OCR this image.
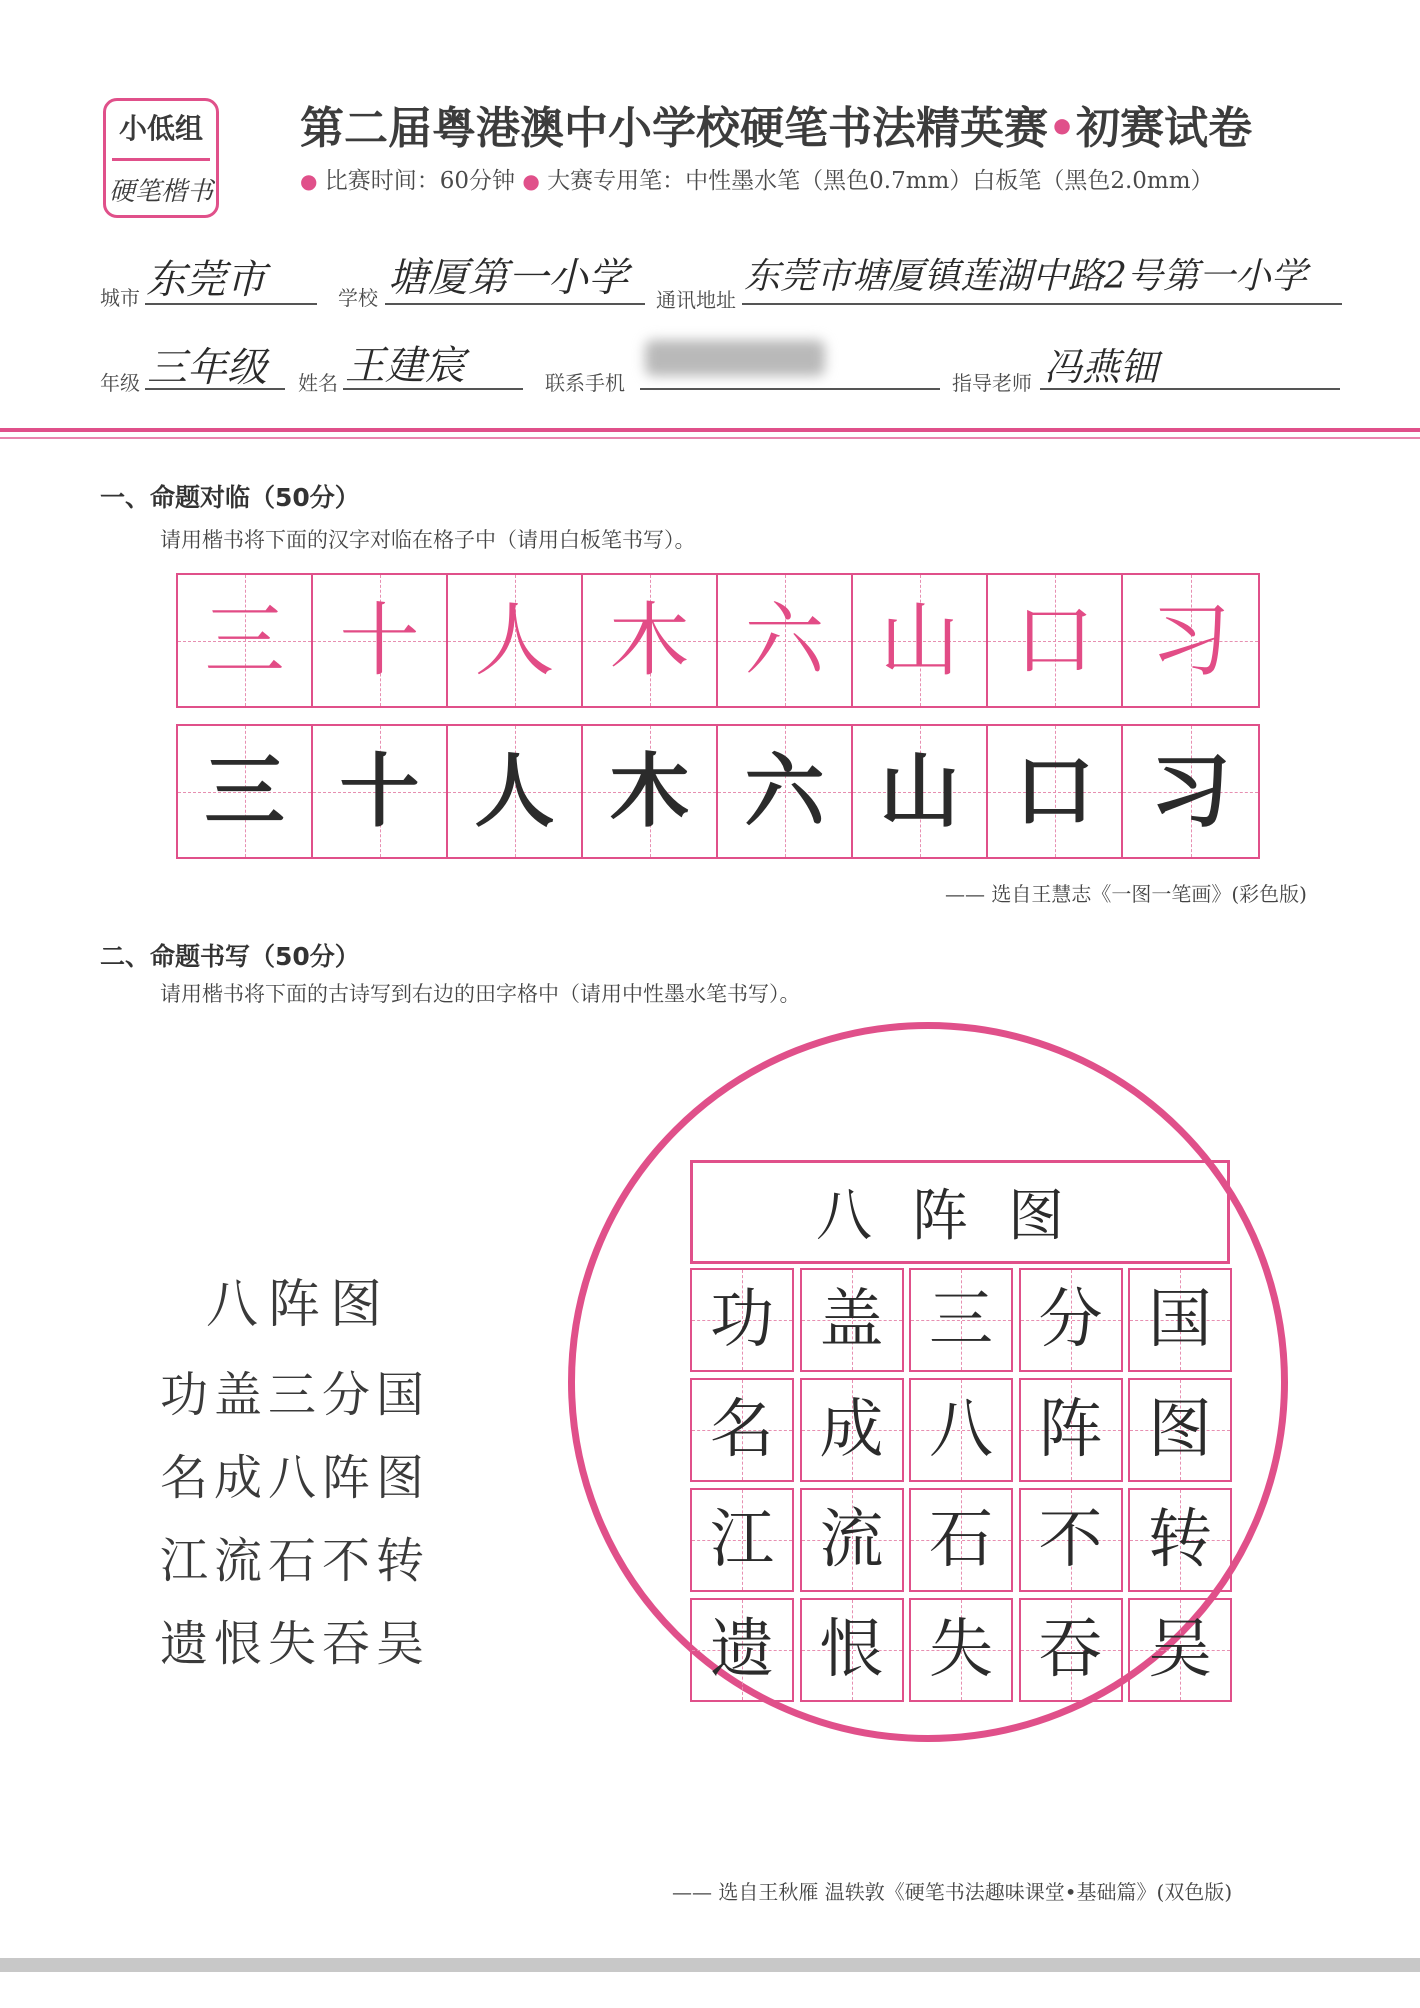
小低组
硬笔楷书
第二届粤港澳中小学校硬笔书法精英赛•初赛试卷
● 比赛时间：60分钟 ● 大赛专用笔：中性墨水笔（黑色0.7mm）白板笔（黑色2.0mm）
城市 东莞市	学校 塘厦第一小学 通讯地址
东莞市塘厦镇莲湖中路2号第一小学
年级 三年级 姓名 王建宸	联系手机	指导老师 冯燕钿
一、命题对临（50分）
请用楷书将下面的汉字对临在格子中（请用白板笔书写）。
三 十 人 木 六 山 口 习
三 十 人 木 六 山 口 习
—— 选自王慧志《一图一笔画》(彩色版)
二、命题书写（50分）
请用楷书将下面的古诗写到右边的田字格中（请用中性墨水笔书写）。
八阵图
功盖三分国
名成八阵图
江流石不转
遗恨失吞吴
八阵图
功 盖 三 分 国
名 成 八 阵 图
江 流 石 不 转
遗 恨 失 吞 吴
—— 选自王秋雁 温轶敦《硬笔书法趣味课堂•基础篇》(双色版)
